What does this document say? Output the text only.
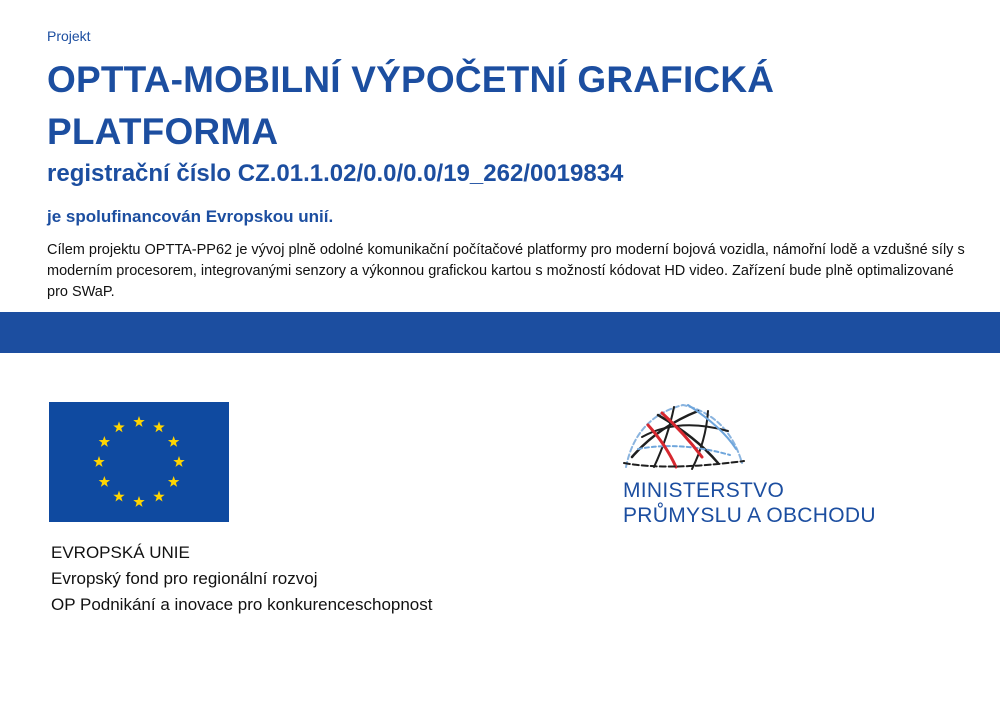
Projekt
OPTTA-MOBILNÍ VÝPOČETNÍ GRAFICKÁ PLATFORMA
registrační číslo CZ.01.1.02/0.0/0.0/19_262/0019834
je spolufinancován Evropskou unií.

Cílem projektu OPTTA-PP62 je vývoj plně odolné komunikační počítačové platformy pro moderní bojová vozidla, námořní lodě a vzdušné síly s moderním procesorem, integrovanými senzory a výkonnou grafickou kartou s možností kódovat HD video. Zařízení bude plně optimalizované pro SWaP.

EVROPSKÁ UNIE
Evropský fond pro regionální rozvoj
OP Podnikání a inovace pro konkurenceschopnost
MINISTERSTVO
PRŮMYSLU A OBCHODU
